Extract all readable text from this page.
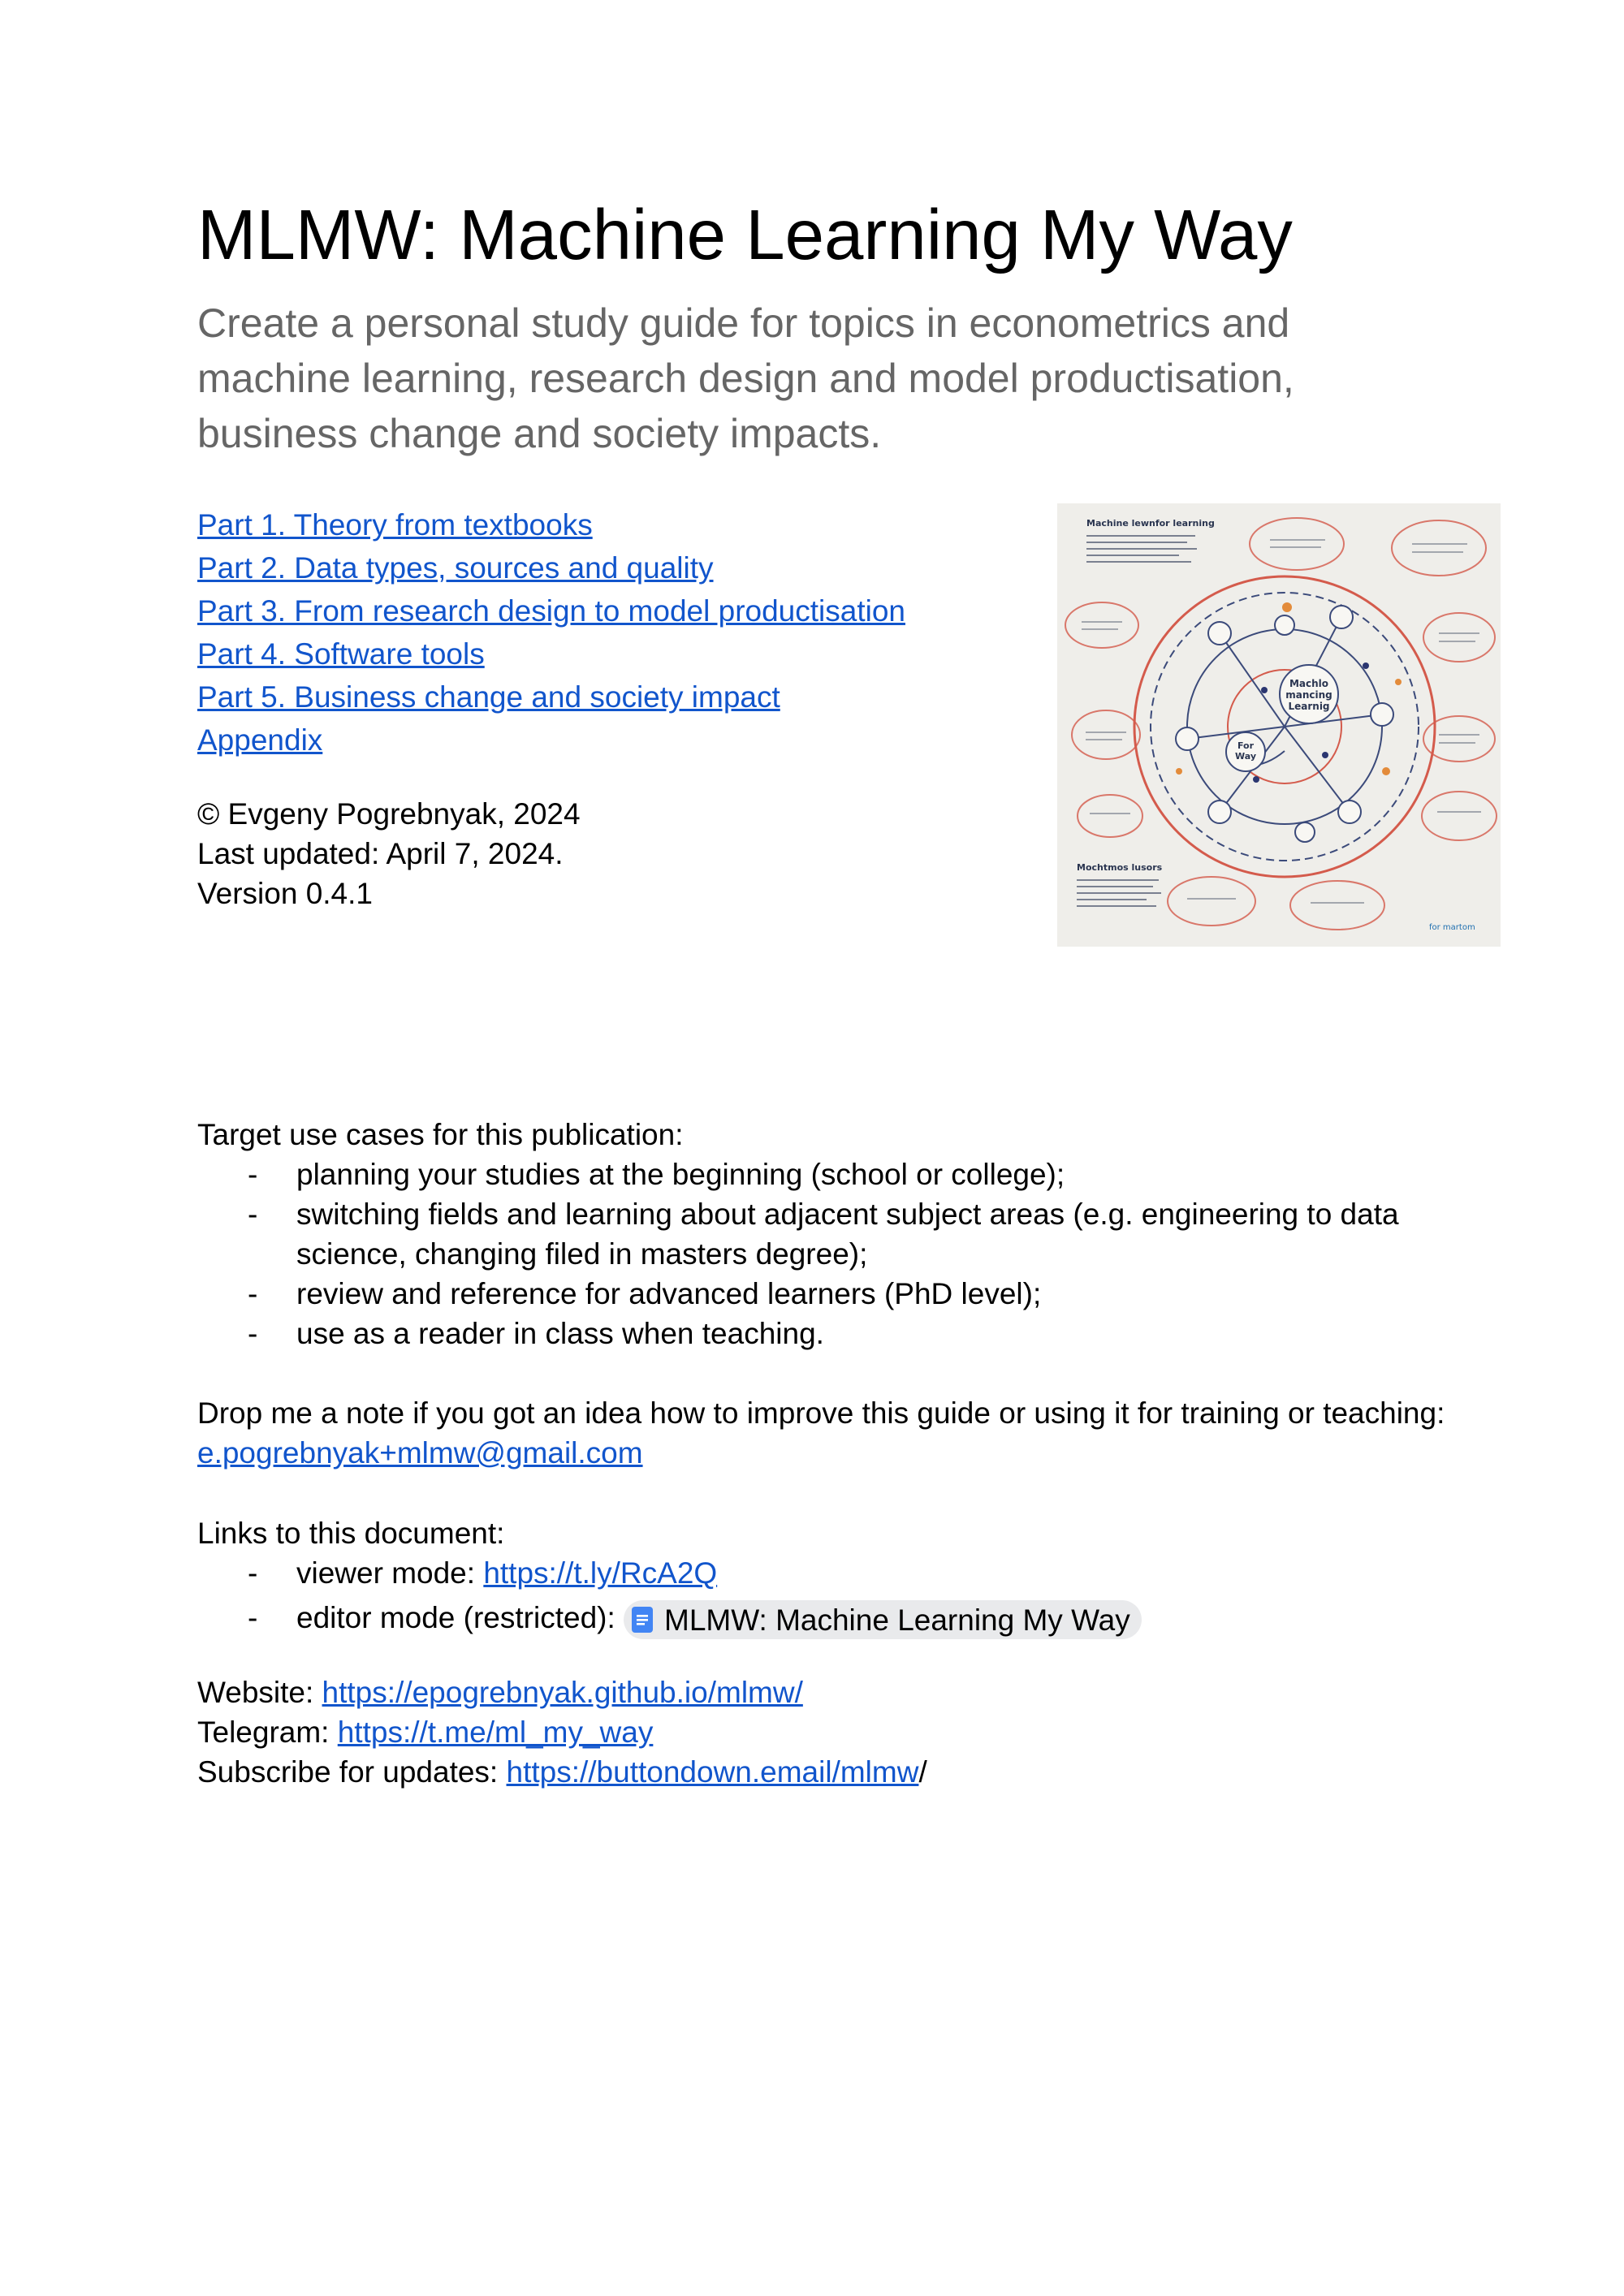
MLMW: Machine Learning My Way

Create a personal study guide for topics in econometrics and machine learning, research design and model productisation, business change and society impacts.

Part 1. Theory from textbooks
Part 2. Data types, sources and quality
Part 3. From research design to model productisation
Part 4. Software tools
Part 5. Business change and society impact
Appendix
© Evgeny Pogrebnyak, 2024
Last updated: April 7, 2024.
Version 0.4.1
Machine lewnfor learning
Machlo
mancing
Learnig
For
Way
Mochtmos lusors
for martom
Target use cases for this publication:
- planning your studies at the beginning (school or college);
- switching fields and learning about adjacent subject areas (e.g. engineering to data science, changing filed in masters degree);
- review and reference for advanced learners (PhD level);
- use as a reader in class when teaching.
Drop me a note if you got an idea how to improve this guide or using it for training or teaching: e.pogrebnyak+mlmw@gmail.com
Links to this document:
- viewer mode: https://t.ly/RcA2Q
- editor mode (restricted): MLMW: Machine Learning My Way
Website: https://epogrebnyak.github.io/mlmw/
Telegram: https://t.me/ml_my_way
Subscribe for updates: https://buttondown.email/mlmw/
